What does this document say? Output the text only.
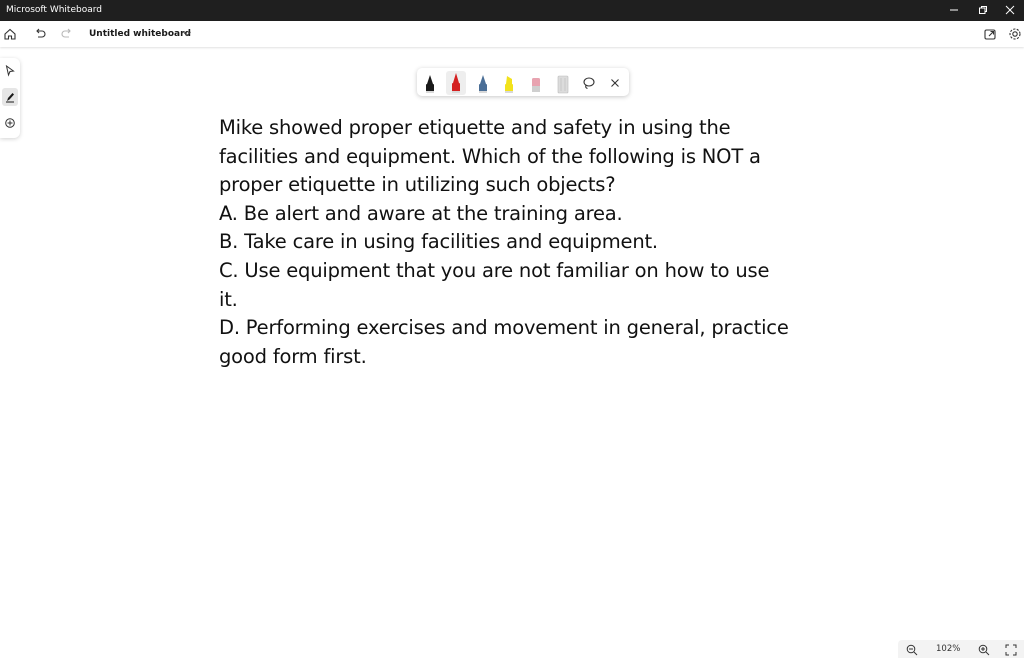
Microsoft Whiteboard
Untitled whiteboard
Mike showed proper etiquette and safety in using the
facilities and equipment. Which of the following is NOT a
proper etiquette in utilizing such objects?
A. Be alert and aware at the training area.
B. Take care in using facilities and equipment.
C. Use equipment that you are not familiar on how to use
it.
D. Performing exercises and movement in general, practice
good form first.
102%
